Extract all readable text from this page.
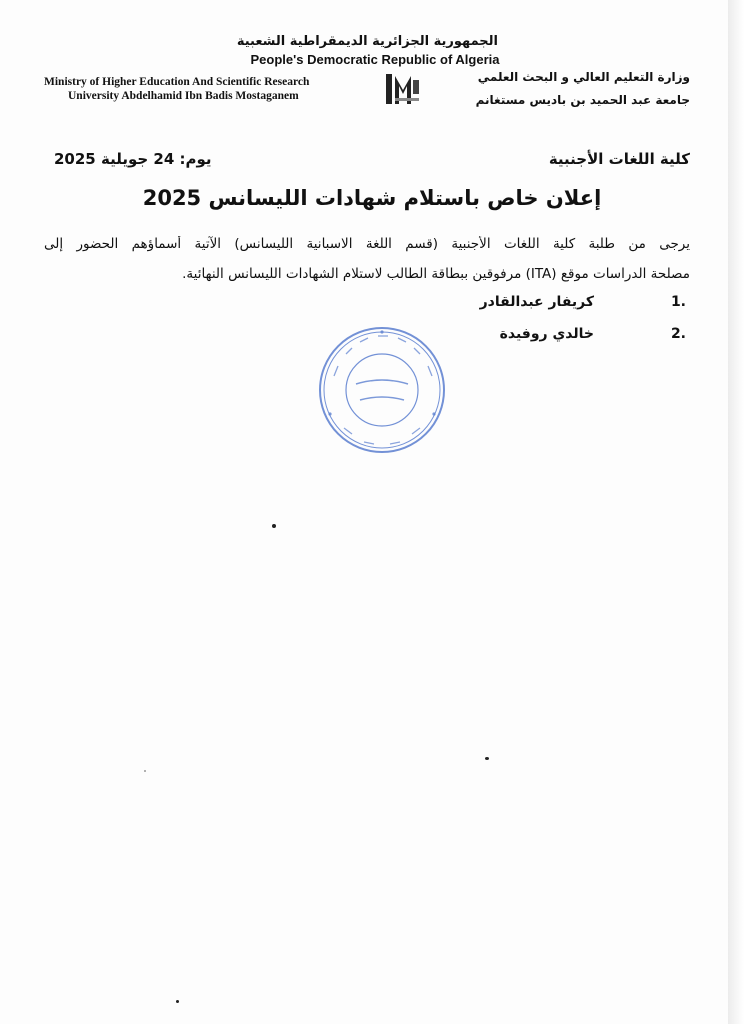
الجمهورية الجزائرية الديمقراطية الشعبية
People's Democratic Republic of Algeria
Ministry of Higher Education And Scientific Research
University Abdelhamid Ibn Badis Mostaganem
وزارة التعليم العالي و البحث العلمي
جامعة عبد الحميد بن باديس مستغانم
كلية اللغات الأجنبية
يوم: 24 جويلية 2025
إعلان خاص باستلام شهادات الليسانس 2025
يرجى من طلبة كلية اللغات الأجنبية (قسم اللغة الاسبانية الليسانس) الآتية أسماؤهم الحضور إلى
مصلحة الدراسات موقع (ITA) مرفوقين ببطاقة الطالب لاستلام الشهادات الليسانس النهائية.
كريفار عبدالقادر	1.
خالدي روفيدة	2.
